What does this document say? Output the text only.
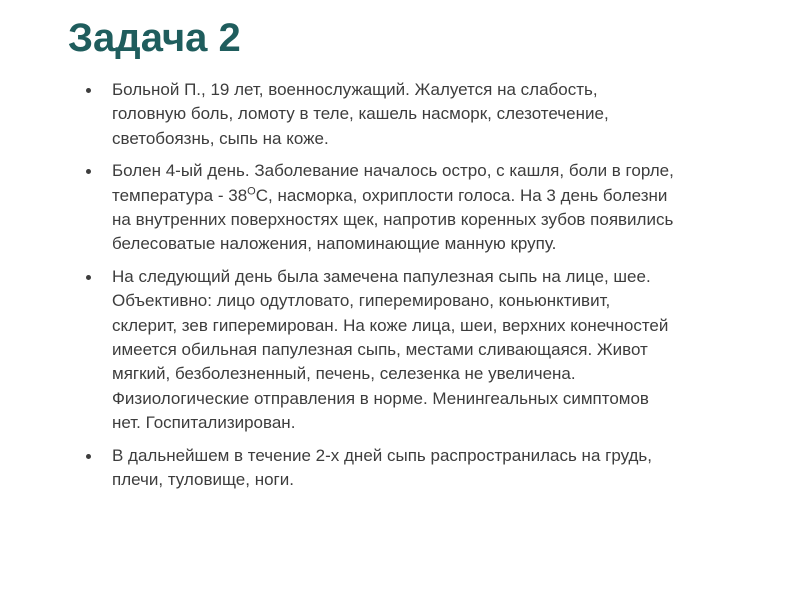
Задача 2
Больной П., 19 лет, военнослужащий. Жалуется на слабость,
головную боль, ломоту в теле, кашель насморк, слезотечение,
светобоязнь, сыпь на коже.
Болен 4-ый день. Заболевание началось остро, с кашля, боли в горле,
температура - $38^ОС$, насморка, охриплости голоса. На 3 день болезни
на внутренних поверхностях щек, напротив коренных зубов появились
белесоватые наложения, напоминающие манную крупу.
На следующий день была замечена папулезная сыпь на лице, шее.
Объективно: лицо одутловато, гиперемировано, коньюнктивит,
склерит, зев гиперемирован. На коже лица, шеи, верхних конечностей
имеется обильная папулезная сыпь, местами сливающаяся. Живот
мягкий, безболезненный, печень, селезенка не увеличена.
Физиологические отправления в норме. Менингеальных симптомов
нет. Госпитализирован.
В дальнейшем в течение 2-х дней сыпь распространилась на грудь,
плечи, туловище, ноги.
